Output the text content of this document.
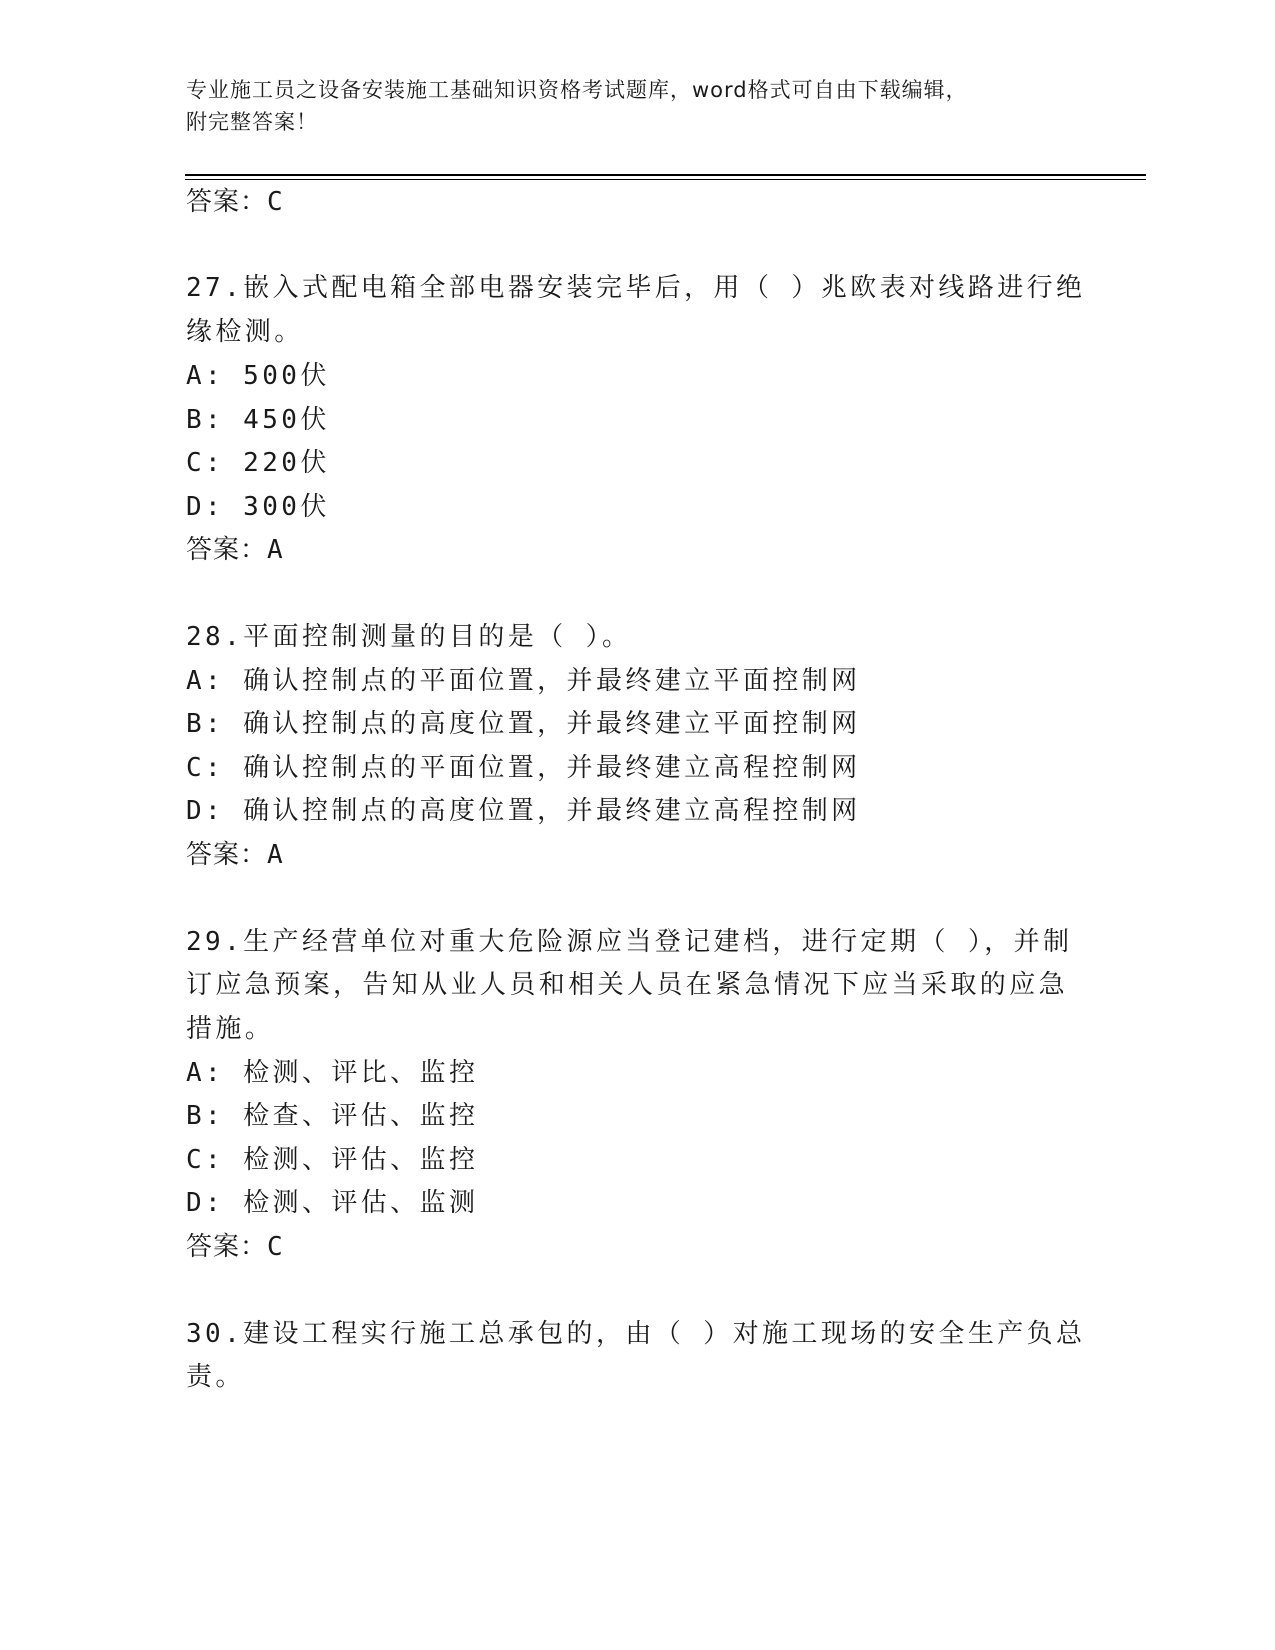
专业施工员之设备安装施工基础知识资格考试题库，word格式可自由下载编辑，
附完整答案！
答案：C
27.嵌入式配电箱全部电器安装完毕后，用（ ）兆欧表对线路进行绝
缘检测。
A: 500伏
B: 450伏
C: 220伏
D: 300伏
答案：A
28.平面控制测量的目的是（ ）。
A: 确认控制点的平面位置，并最终建立平面控制网
B: 确认控制点的高度位置，并最终建立平面控制网
C: 确认控制点的平面位置，并最终建立高程控制网
D: 确认控制点的高度位置，并最终建立高程控制网
答案：A
29.生产经营单位对重大危险源应当登记建档，进行定期（ ），并制
订应急预案，告知从业人员和相关人员在紧急情况下应当采取的应急
措施。
A: 检测、评比、监控
B: 检查、评估、监控
C: 检测、评估、监控
D: 检测、评估、监测
答案：C
30.建设工程实行施工总承包的，由（ ）对施工现场的安全生产负总
责。
